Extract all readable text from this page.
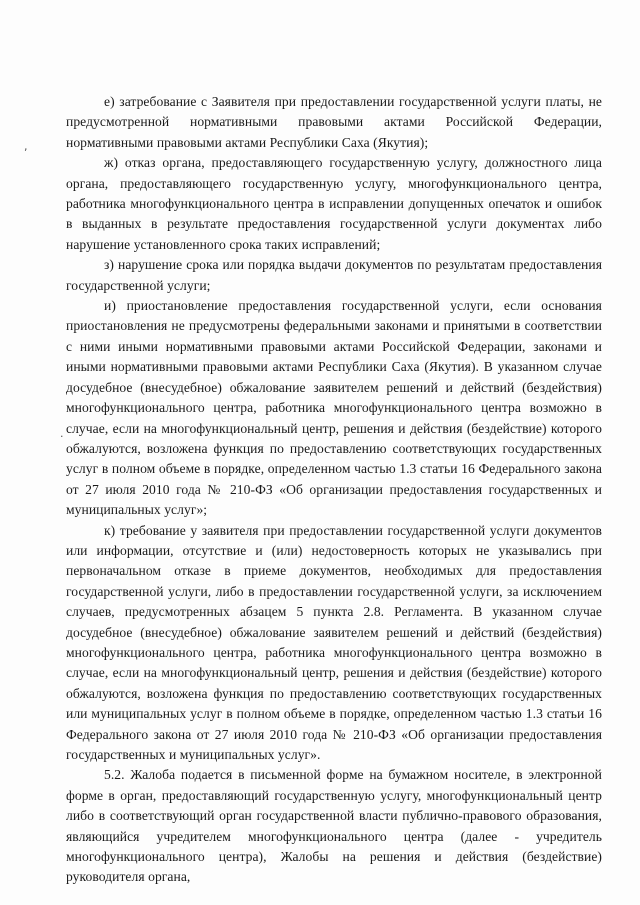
,
·

е) затребование с Заявителя при предоставлении государственной услуги платы, не предусмотренной нормативными правовыми актами Российской Федерации, нормативными правовыми актами Республики Саха (Якутия);

ж) отказ органа, предоставляющего государственную услугу, должностного лица органа, предоставляющего государственную услугу, многофункционального центра, работника многофункционального центра в исправлении допущенных опечаток и ошибок в выданных в результате предоставления государственной услуги документах либо нарушение установленного срока таких исправлений;

з) нарушение срока или порядка выдачи документов по результатам предоставления государственной услуги;

и) приостановление предоставления государственной услуги, если основания приостановления не предусмотрены федеральными законами и принятыми в соответствии с ними иными нормативными правовыми актами Российской Федерации, законами и иными нормативными правовыми актами Республики Саха (Якутия). В указанном случае досудебное (внесудебное) обжалование заявителем решений и действий (бездействия) многофункционального центра, работника многофункционального центра возможно в случае, если на многофункциональный центр, решения и действия (бездействие) которого обжалуются, возложена функция по предоставлению соответствующих государственных услуг в полном объеме в порядке, определенном частью 1.3 статьи 16 Федерального закона от 27 июля 2010 года № 210-ФЗ «Об организации предоставления государственных и муниципальных услуг»;

к) требование у заявителя при предоставлении государственной услуги документов или информации, отсутствие и (или) недостоверность которых не указывались при первоначальном отказе в приеме документов, необходимых для предоставления государственной услуги, либо в предоставлении государственной услуги, за исключением случаев, предусмотренных абзацем 5 пункта 2.8. Регламента. В указанном случае досудебное (внесудебное) обжалование заявителем решений и действий (бездействия) многофункционального центра, работника многофункционального центра возможно в случае, если на многофункциональный центр, решения и действия (бездействие) которого обжалуются, возложена функция по предоставлению соответствующих государственных или муниципальных услуг в полном объеме в порядке, определенном частью 1.3 статьи 16 Федерального закона от 27 июля 2010 года № 210-ФЗ «Об организации предоставления государственных и муниципальных услуг».

5.2. Жалоба подается в письменной форме на бумажном носителе, в электронной форме в орган, предоставляющий государственную услугу, многофункциональный центр либо в соответствующий орган государственной власти публично-правового образования, являющийся учредителем многофункционального центра (далее - учредитель многофункционального центра), Жалобы на решения и действия (бездействие) руководителя органа,
